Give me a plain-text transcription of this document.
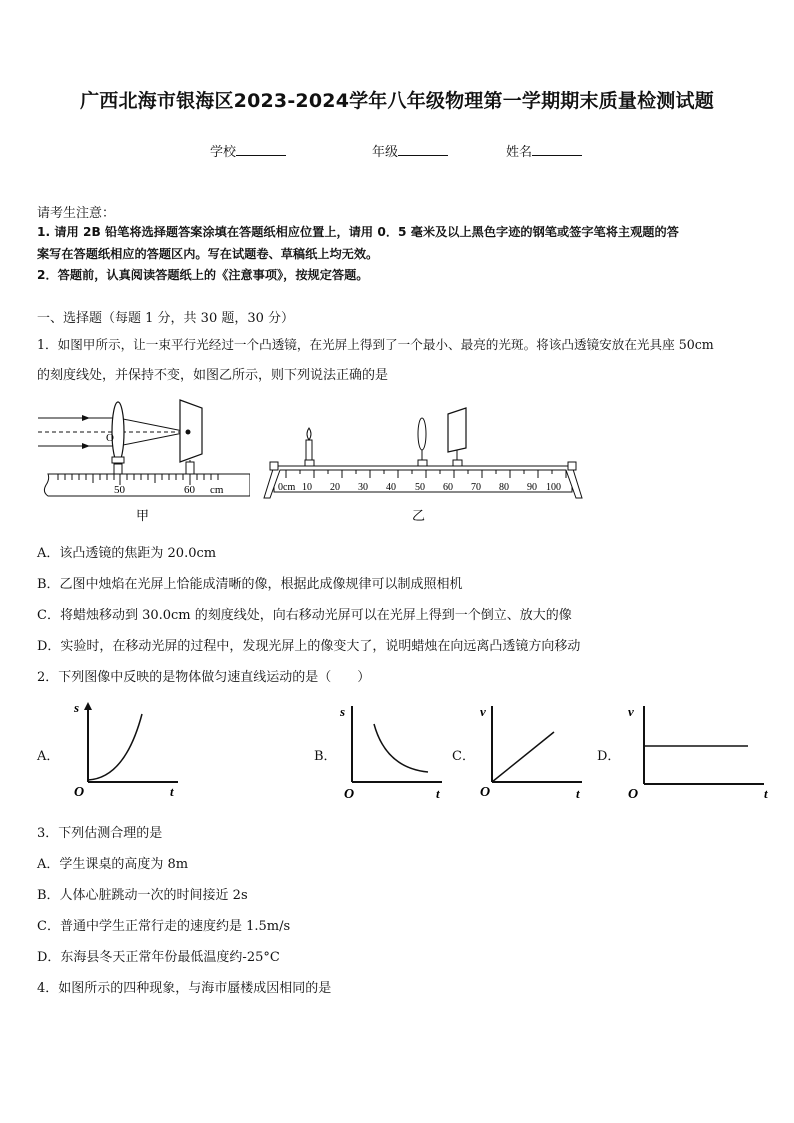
广西北海市银海区2023-2024学年八年级物理第一学期期末质量检测试题
学校	年级	姓名
请考生注意：
1. 请用 2B 铅笔将选择题答案涂填在答题纸相应位置上，请用 0．5 毫米及以上黑色字迹的钢笔或签字笔将主观题的答
案写在答题纸相应的答题区内。写在试题卷、草稿纸上均无效。
2．答题前，认真阅读答题纸上的《注意事项》，按规定答题。
一、选择题（每题 1 分，共 30 题，30 分）
1．如图甲所示，让一束平行光经过一个凸透镜，在光屏上得到了一个最小、最亮的光斑。将该凸透镜安放在光具座 50cm
的刻度线处，并保持不变，如图乙所示，则下列说法正确的是
O
50	60 cm
甲
0cm 10 20 30 40 50 60 70 80 90 100
乙
A．该凸透镜的焦距为 20.0cm
B．乙图中烛焰在光屏上恰能成清晰的像，根据此成像规律可以制成照相机
C．将蜡烛移动到 30.0cm 的刻度线处，向右移动光屏可以在光屏上得到一个倒立、放大的像
D．实验时，在移动光屏的过程中，发现光屏上的像变大了，说明蜡烛在向远离凸透镜方向移动
2．下列图像中反映的是物体做匀速直线运动的是（　　）
A．
s
O	t
B．
s
O	t
C．
v
O	t
D．
v
O	t
3．下列估测合理的是
A．学生课桌的高度为 8m
B．人体心脏跳动一次的时间接近 2s
C．普通中学生正常行走的速度约是 1.5m/s
D．东海县冬天正常年份最低温度约-25°C
4．如图所示的四种现象，与海市蜃楼成因相同的是
